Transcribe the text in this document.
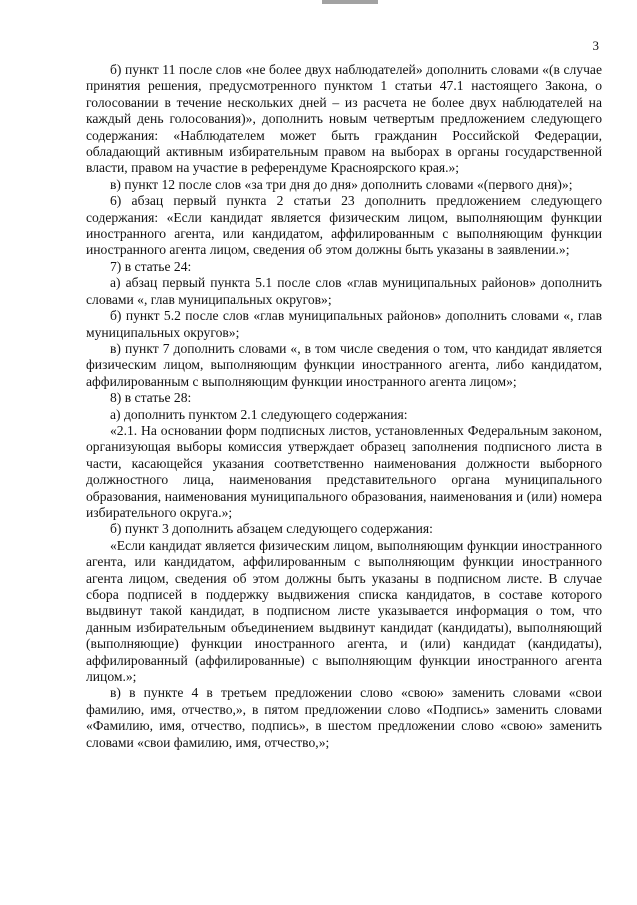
3

б) пункт 11 после слов «не более двух наблюдателей» дополнить словами «(в случае принятия решения, предусмотренного пунктом 1 статьи 47.1 настоящего Закона, о голосовании в течение нескольких дней – из расчета не более двух наблюдателей на каждый день голосования)», дополнить новым четвертым предложением следующего содержания: «Наблюдателем может быть гражданин Российской Федерации, обладающий активным избирательным правом на выборах в органы государственной власти, правом на участие в референдуме Красноярского края.»;

в) пункт 12 после слов «за три дня до дня» дополнить словами «(первого дня)»;

6) абзац первый пункта 2 статьи 23 дополнить предложением следующего содержания: «Если кандидат является физическим лицом, выполняющим функции иностранного агента, или кандидатом, аффилированным с выполняющим функции иностранного агента лицом, сведения об этом должны быть указаны в заявлении.»;

7) в статье 24:

а) абзац первый пункта 5.1 после слов «глав муниципальных районов» дополнить словами «, глав муниципальных округов»;

б) пункт 5.2 после слов «глав муниципальных районов» дополнить словами «, глав муниципальных округов»;

в) пункт 7 дополнить словами «, в том числе сведения о том, что кандидат является физическим лицом, выполняющим функции иностранного агента, либо кандидатом, аффилированным с выполняющим функции иностранного агента лицом»;

8) в статье 28:

а) дополнить пунктом 2.1 следующего содержания:

«2.1. На основании форм подписных листов, установленных Федеральным законом, организующая выборы комиссия утверждает образец заполнения подписного листа в части, касающейся указания соответственно наименования должности выборного должностного лица, наименования представительного органа муниципального образования, наименования муниципального образования, наименования и (или) номера избирательного округа.»;

б) пункт 3 дополнить абзацем следующего содержания:

«Если кандидат является физическим лицом, выполняющим функции иностранного агента, или кандидатом, аффилированным с выполняющим функции иностранного агента лицом, сведения об этом должны быть указаны в подписном листе. В случае сбора подписей в поддержку выдвижения списка кандидатов, в составе которого выдвинут такой кандидат, в подписном листе указывается информация о том, что данным избирательным объединением выдвинут кандидат (кандидаты), выполняющий (выполняющие) функции иностранного агента, и (или) кандидат (кандидаты), аффилированный (аффилированные) с выполняющим функции иностранного агента лицом.»;

в) в пункте 4 в третьем предложении слово «свою» заменить словами «свои фамилию, имя, отчество,», в пятом предложении слово «Подпись» заменить словами «Фамилию, имя, отчество, подпись», в шестом предложении слово «свою» заменить словами «свои фамилию, имя, отчество,»;
